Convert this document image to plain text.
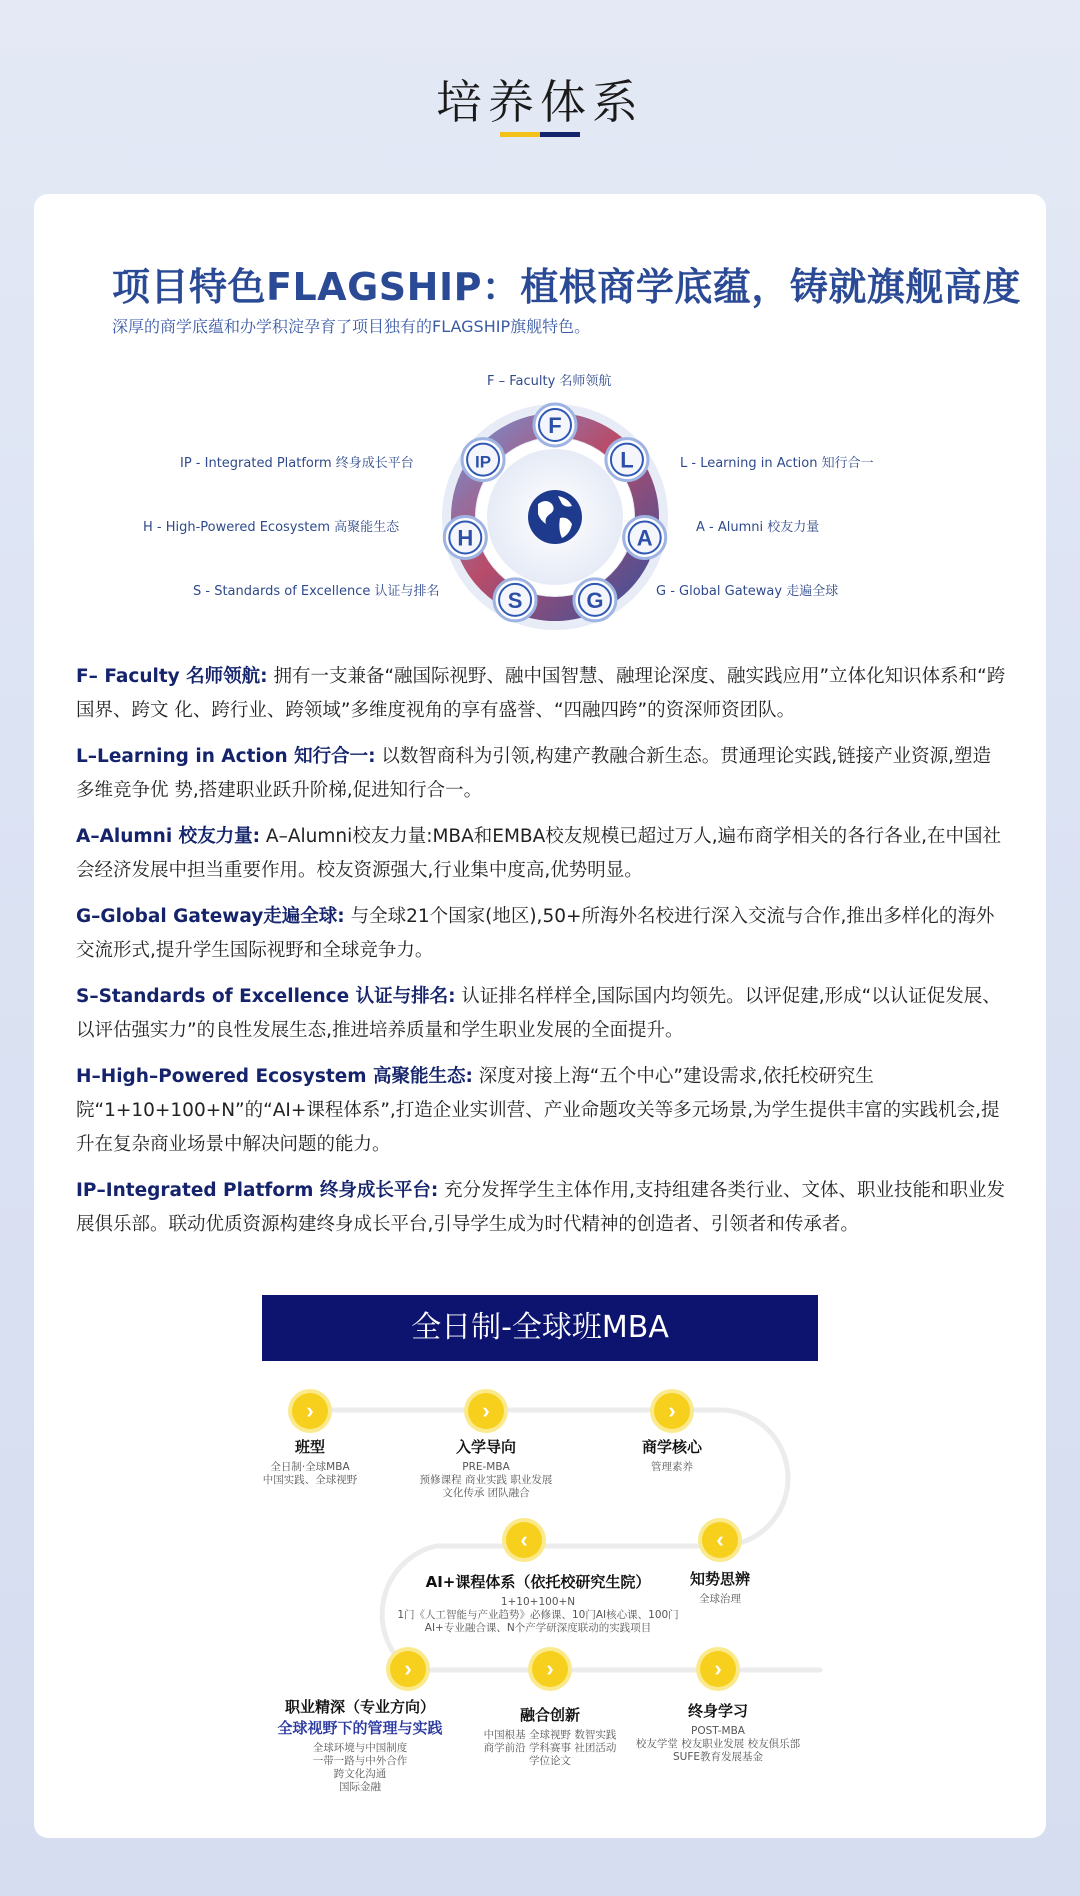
培养体系
项目特色FLAGSHIP：植根商学底蕴，铸就旗舰高度
深厚的商学底蕴和办学积淀孕育了项目独有的FLAGSHIP旗舰特色。
F – Faculty 名师领航
IP - Integrated Platform 终身成长平台	L - Learning in Action 知行合一
H - High-Powered Ecosystem 高聚能生态	A - Alumni 校友力量
S - Standards of Excellence 认证与排名	G - Global Gateway 走遍全球
F
L
A
G
S
H
IP

F– Faculty 名师领航: 拥有一支兼备“融国际视野、融中国智慧、融理论深度、融实践应用”立体化知识体系和“跨国界、跨文 化、跨行业、跨领域”多维度视角的享有盛誉、“四融四跨”的资深师资团队。

L–Learning in Action 知行合一: 以数智商科为引领,构建产教融合新生态。贯通理论实践,链接产业资源,塑造多维竞争优 势,搭建职业跃升阶梯,促进知行合一。

A–Alumni 校友力量: A–Alumni校友力量:MBA和EMBA校友规模已超过万人,遍布商学相关的各行各业,在中国社会经济发展中担当重要作用。校友资源强大,行业集中度高,优势明显。

G–Global Gateway走遍全球: 与全球21个国家(地区),50+所海外名校进行深入交流与合作,推出多样化的海外交流形式,提升学生国际视野和全球竞争力。

S–Standards of Excellence 认证与排名: 认证排名样样全,国际国内均领先。以评促建,形成“以认证促发展、以评估强实力”的良性发展生态,推进培养质量和学生职业发展的全面提升。

H–High–Powered Ecosystem 高聚能生态: 深度对接上海“五个中心”建设需求,依托校研究生院“1+10+100+N”的“AI+课程体系”,打造企业实训营、产业命题攻关等多元场景,为学生提供丰富的实践机会,提升在复杂商业场景中解决问题的能力。

IP–Integrated Platform 终身成长平台: 充分发挥学生主体作用,支持组建各类行业、文体、职业技能和职业发展俱乐部。联动优质资源构建终身成长平台,引导学生成为时代精神的创造者、引领者和传承者。

全日制-全球班MBA
›	›	›
‹
‹
›	›	›
班型
全日制·全球MBA
中国实践、全球视野
入学导向
PRE-MBA
预修课程 商业实践 职业发展
文化传承 团队融合
商学核心
管理素养
知势思辨
全球治理
AI+课程体系（依托校研究生院）
1+10+100+N
1门《人工智能与产业趋势》必修课、10门AI核心课、100门
AI+专业融合课、N个产学研深度联动的实践项目
职业精深（专业方向）
全球视野下的管理与实践
全球环境与中国制度
一带一路与中外合作
跨文化沟通
国际金融
融合创新
中国根基 全球视野 数智实践
商学前沿 学科赛事 社团活动
学位论文
终身学习
POST-MBA
校友学堂 校友职业发展 校友俱乐部
SUFE教育发展基金
